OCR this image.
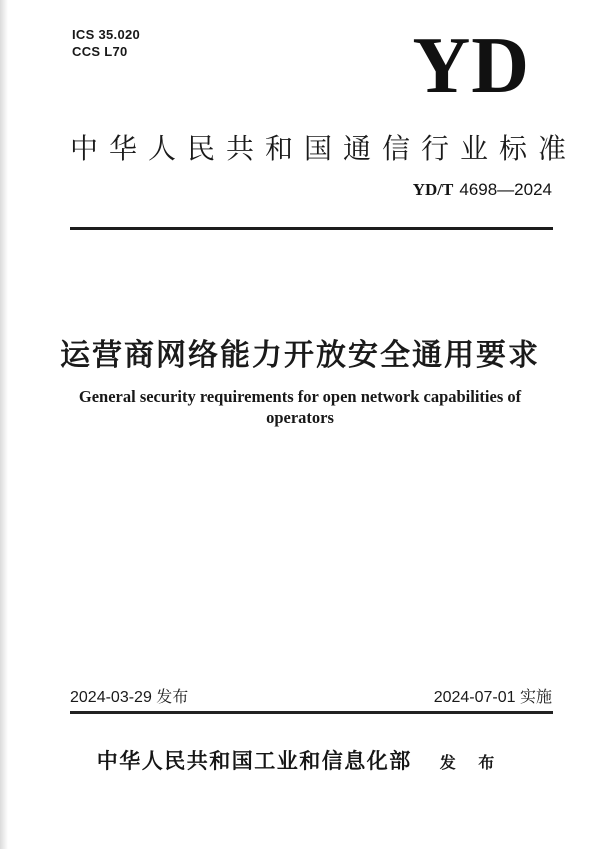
ICS 35.020
CCS L70	YD
中华人民共和国通信行业标准
YD/T 4698—2024
运营商网络能力开放安全通用要求
General security requirements for open network capabilities of
operators
2024-03-29 发布	2024-07-01 实施
中华人民共和国工业和信息化部 发 布
